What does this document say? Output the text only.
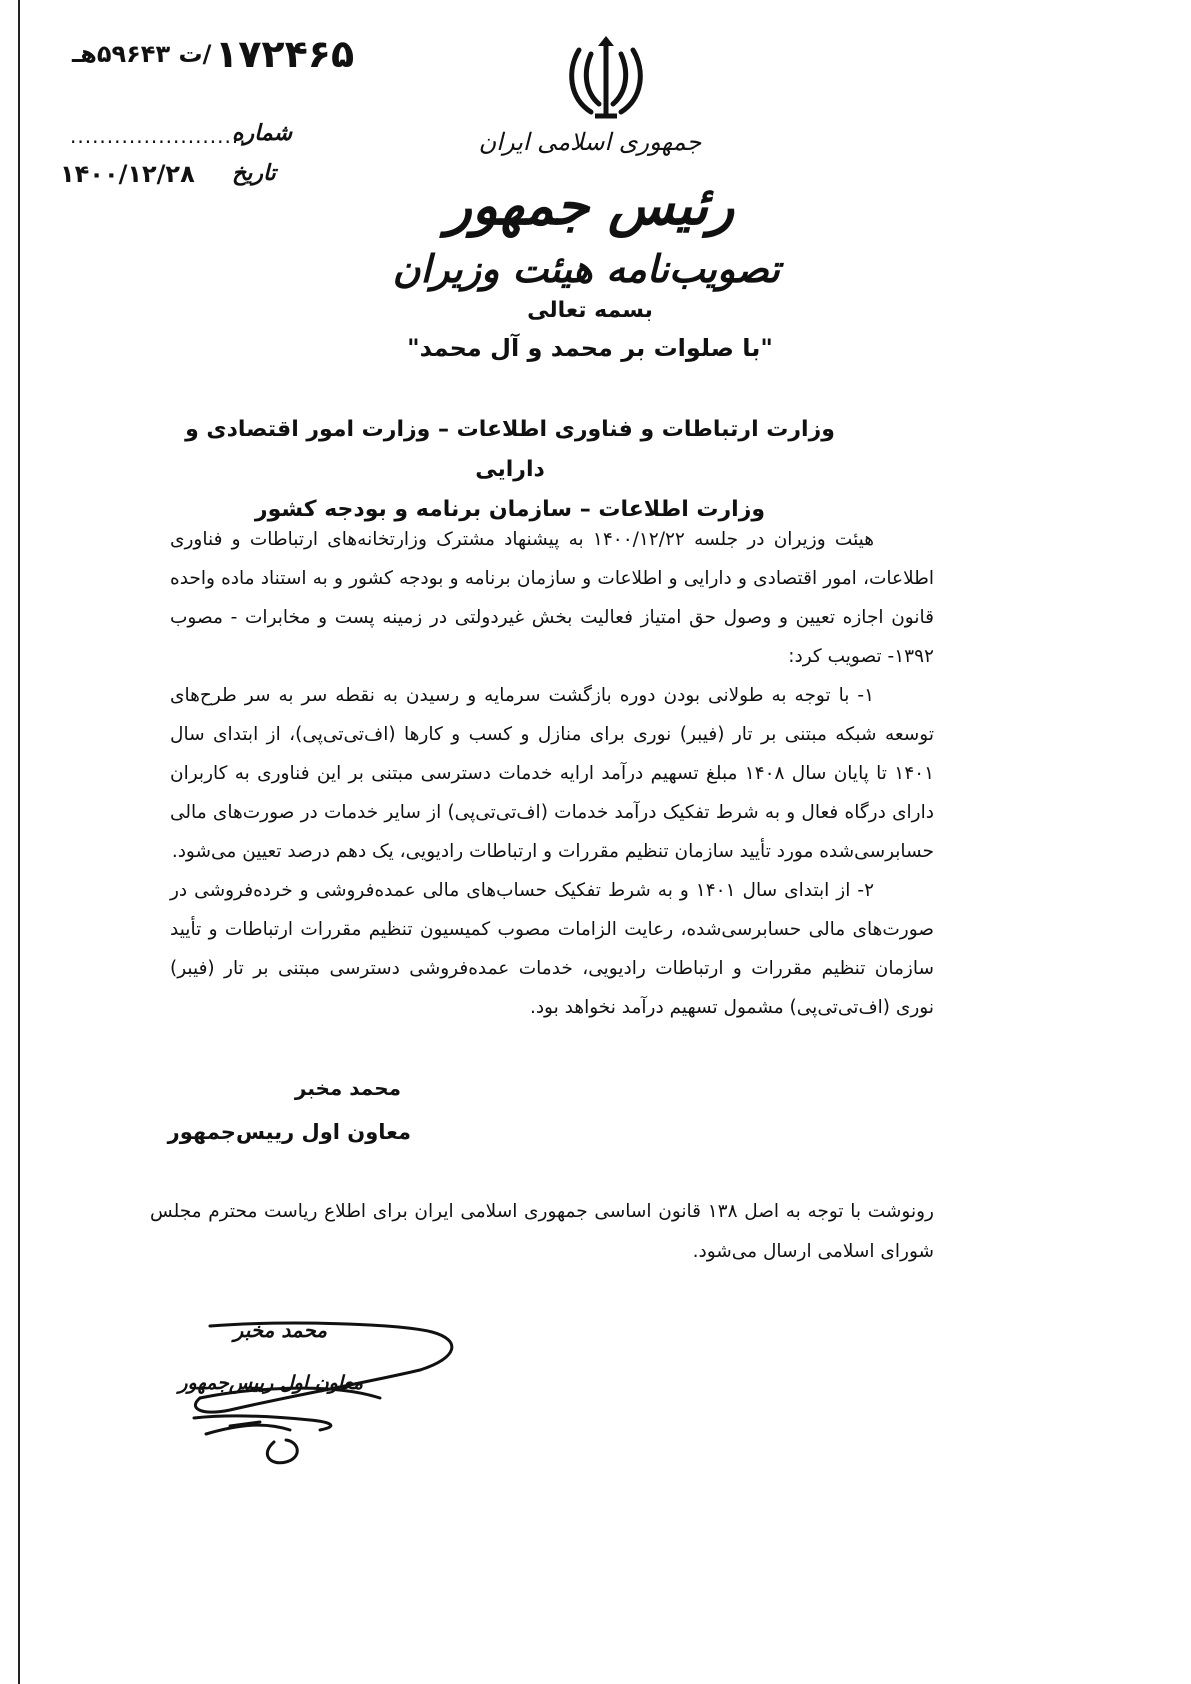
۱۷۲۴۶۵
/ت ۵۹۶۴۳هـ
شماره
........................
تاریخ
۱۴۰۰/۱۲/۲۸
جمهوری اسلامی ایران
رئیس جمهور
تصویب‌نامه هیئت وزیران
بسمه تعالی
"با صلوات بر محمد و آل محمد"
وزارت ارتباطات و فناوری اطلاعات – وزارت امور اقتصادی و دارایی
وزارت اطلاعات – سازمان برنامه و بودجه کشور

هیئت وزیران در جلسه ۱۴۰۰/۱۲/۲۲ به پیشنهاد مشترک وزارتخانه‌های ارتباطات و فناوری اطلاعات، امور اقتصادی و دارایی و اطلاعات و سازمان برنامه و بودجه کشور و به استناد ماده واحده قانون اجازه تعیین و وصول حق امتیاز فعالیت بخش غیردولتی در زمینه پست و مخابرات - مصوب ۱۳۹۲- تصویب کرد:

۱- با توجه به طولانی بودن دوره بازگشت سرمایه و رسیدن به نقطه سر به سر طرح‌های توسعه شبکه مبتنی بر تار (فیبر) نوری برای منازل و کسب و کارها (اف‌تی‌تی‌پی)، از ابتدای سال ۱۴۰۱ تا پایان سال ۱۴۰۸ مبلغ تسهیم درآمد ارایه خدمات دسترسی مبتنی بر این فناوری به کاربران دارای درگاه فعال و به شرط تفکیک درآمد خدمات (اف‌تی‌تی‌پی) از سایر خدمات در صورت‌های مالی حسابرسی‌شده مورد تأیید سازمان تنظیم مقررات و ارتباطات رادیویی، یک دهم درصد تعیین می‌شود.

۲- از ابتدای سال ۱۴۰۱ و به شرط تفکیک حساب‌های مالی عمده‌فروشی و خرده‌فروشی در صورت‌های مالی حسابرسی‌شده، رعایت الزامات مصوب کمیسیون تنظیم مقررات ارتباطات و تأیید سازمان تنظیم مقررات و ارتباطات رادیویی، خدمات عمده‌فروشی دسترسی مبتنی بر تار (فیبر) نوری (اف‌تی‌تی‌پی) مشمول تسهیم درآمد نخواهد بود.

محمد مخبر
معاون اول رییس‌جمهور
رونوشت با توجه به اصل ۱۳۸ قانون اساسی جمهوری اسلامی ایران برای اطلاع ریاست محترم مجلس شورای اسلامی ارسال می‌شود.
محمد مخبر
معاون اول رییس‌جمهور
